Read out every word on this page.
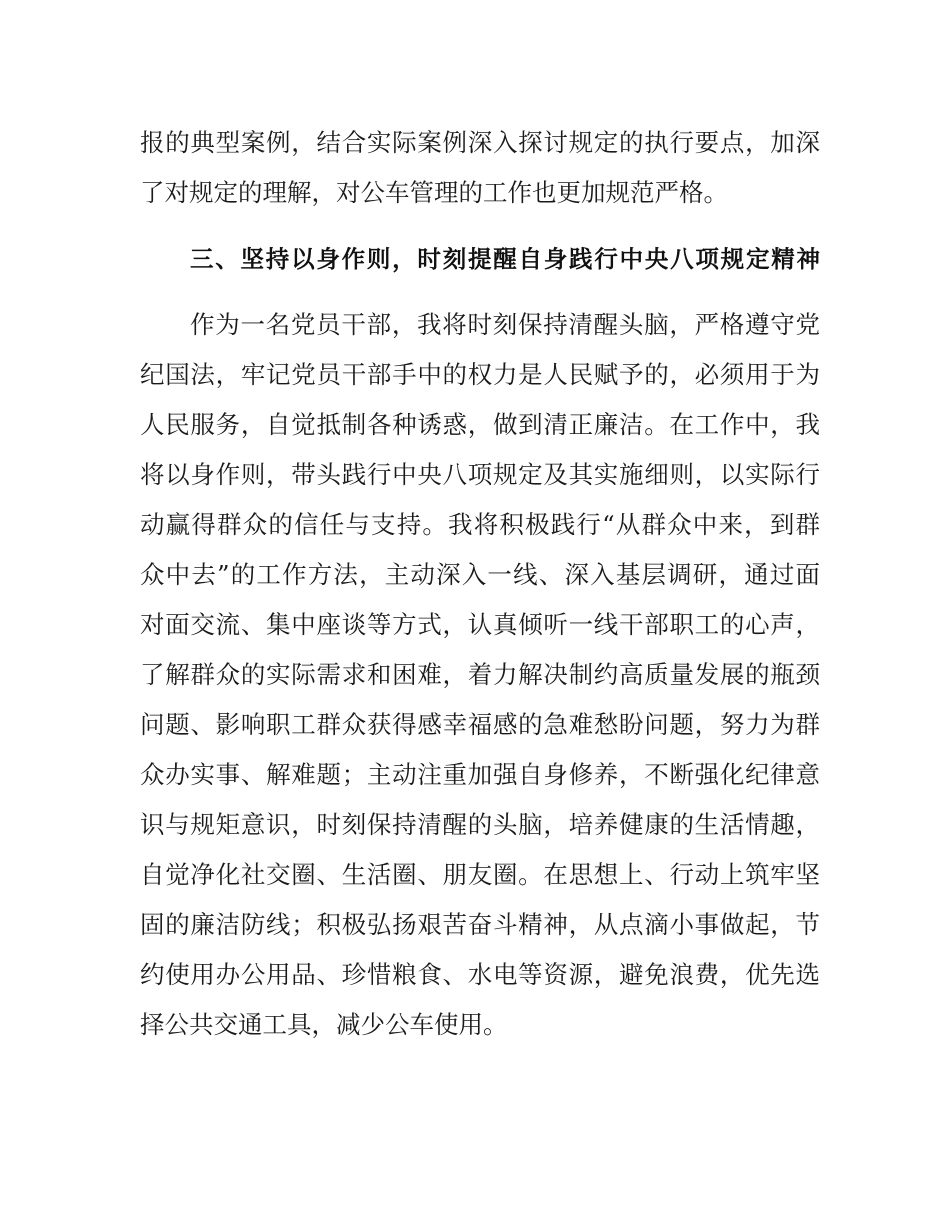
报的典型案例，结合实际案例深入探讨规定的执行要点，加深
了对规定的理解，对公车管理的工作也更加规范严格。
三、坚持以身作则，时刻提醒自身践行中央八项规定精神
作为一名党员干部，我将时刻保持清醒头脑，严格遵守党
纪国法，牢记党员干部手中的权力是人民赋予的，必须用于为
人民服务，自觉抵制各种诱惑，做到清正廉洁。在工作中，我
将以身作则，带头践行中央八项规定及其实施细则，以实际行
动赢得群众的信任与支持。我将积极践行“从群众中来，到群
众中去”的工作方法，主动深入一线、深入基层调研，通过面
对面交流、集中座谈等方式，认真倾听一线干部职工的心声，
了解群众的实际需求和困难，着力解决制约高质量发展的瓶颈
问题、影响职工群众获得感幸福感的急难愁盼问题，努力为群
众办实事、解难题；主动注重加强自身修养，不断强化纪律意
识与规矩意识，时刻保持清醒的头脑，培养健康的生活情趣，
自觉净化社交圈、生活圈、朋友圈。在思想上、行动上筑牢坚
固的廉洁防线；积极弘扬艰苦奋斗精神，从点滴小事做起，节
约使用办公用品、珍惜粮食、水电等资源，避免浪费，优先选
择公共交通工具，减少公车使用。
